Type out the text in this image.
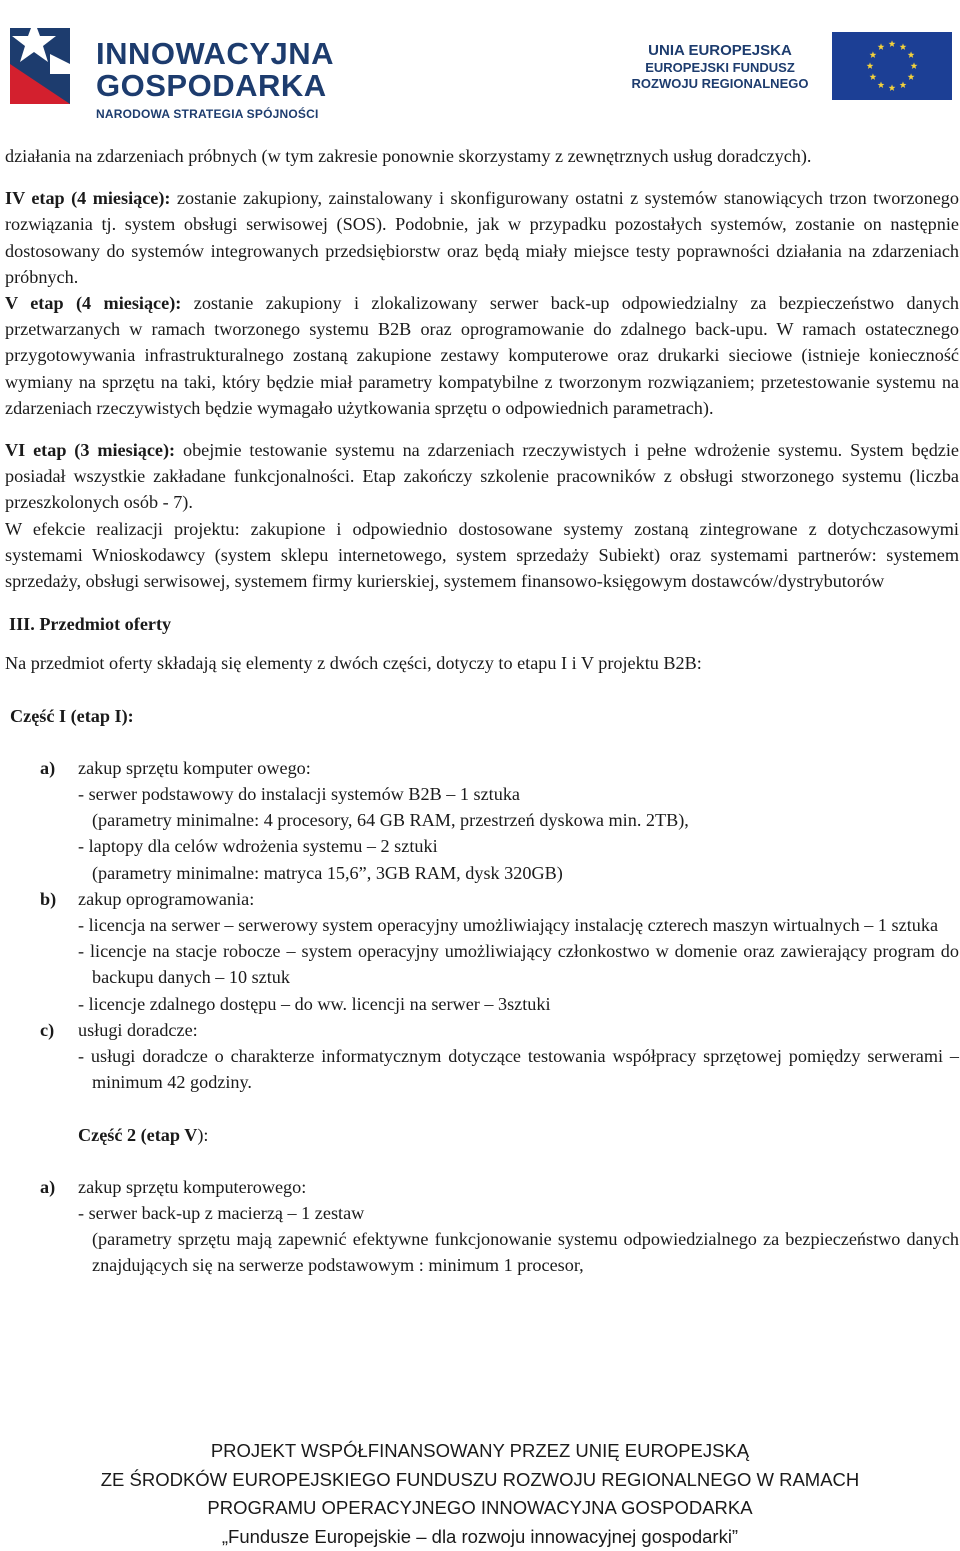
INNOWACYJNA
GOSPODARKA
NARODOWA STRATEGIA SPÓJNOŚCI
UNIA EUROPEJSKA
EUROPEJSKI FUNDUSZ
ROZWOJU REGIONALNEGO

działania na zdarzeniach próbnych (w tym zakresie ponownie skorzystamy z zewnętrznych usług doradczych).

IV etap (4 miesiące): zostanie zakupiony, zainstalowany i skonfigurowany ostatni z systemów stanowiących trzon tworzonego rozwiązania tj. system obsługi serwisowej (SOS). Podobnie, jak w przypadku pozostałych systemów, zostanie on następnie dostosowany do systemów integrowanych przedsiębiorstw oraz będą miały miejsce testy poprawności działania na zdarzeniach próbnych.

V etap (4 miesiące): zostanie zakupiony i zlokalizowany serwer back-up odpowiedzialny za bezpieczeństwo danych przetwarzanych w ramach tworzonego systemu B2B oraz oprogramowanie do zdalnego back-upu. W ramach ostatecznego przygotowywania infrastrukturalnego zostaną zakupione zestawy komputerowe oraz drukarki sieciowe (istnieje konieczność wymiany na sprzętu na taki, który będzie miał parametry kompatybilne z tworzonym rozwiązaniem; przetestowanie systemu na zdarzeniach rzeczywistych będzie wymagało użytkowania sprzętu o odpowiednich parametrach).

VI etap (3 miesiące): obejmie testowanie systemu na zdarzeniach rzeczywistych i pełne wdrożenie systemu. System będzie posiadał wszystkie zakładane funkcjonalności. Etap zakończy szkolenie pracowników z obsługi stworzonego systemu (liczba przeszkolonych osób - 7).

W efekcie realizacji projektu: zakupione i odpowiednio dostosowane systemy zostaną zintegrowane z dotychczasowymi systemami Wnioskodawcy (system sklepu internetowego, system sprzedaży Subiekt) oraz systemami partnerów: systemem sprzedaży, obsługi serwisowej, systemem firmy kurierskiej, systemem finansowo-księgowym dostawców/dystrybutorów

III. Przedmiot oferty

Na przedmiot oferty składają się elementy z dwóch części, dotyczy to etapu I i V projektu B2B:

Część I (etap I):

a)	zakup sprzętu komputer owego:

- serwer podstawowy do instalacji systemów B2B – 1 sztuka

(parametry minimalne: 4 procesory, 64 GB RAM, przestrzeń dyskowa min. 2TB),

- laptopy dla celów wdrożenia systemu – 2 sztuki

(parametry minimalne: matryca 15,6”, 3GB RAM, dysk 320GB)

b)	zakup oprogramowania:

- licencja na serwer – serwerowy system operacyjny umożliwiający instalację czterech maszyn wirtualnych – 1 sztuka

- licencje na stacje robocze – system operacyjny umożliwiający członkostwo w domenie oraz zawierający program do backupu danych – 10 sztuk

- licencje zdalnego dostępu – do ww. licencji na serwer – 3sztuki

c)	usługi doradcze:

- usługi doradcze o charakterze informatycznym dotyczące testowania współpracy sprzętowej pomiędzy serwerami – minimum 42 godziny.

Część 2 (etap V):

a)	zakup sprzętu komputerowego:

- serwer back-up z macierzą – 1 zestaw

(parametry sprzętu mają zapewnić efektywne funkcjonowanie systemu odpowiedzialnego za bezpieczeństwo danych znajdujących się na serwerze podstawowym : minimum 1 procesor,

PROJEKT WSPÓŁFINANSOWANY PRZEZ UNIĘ EUROPEJSKĄ
ZE ŚRODKÓW EUROPEJSKIEGO FUNDUSZU ROZWOJU REGIONALNEGO W RAMACH
PROGRAMU OPERACYJNEGO INNOWACYJNA GOSPODARKA
„Fundusze Europejskie – dla rozwoju innowacyjnej gospodarki”
